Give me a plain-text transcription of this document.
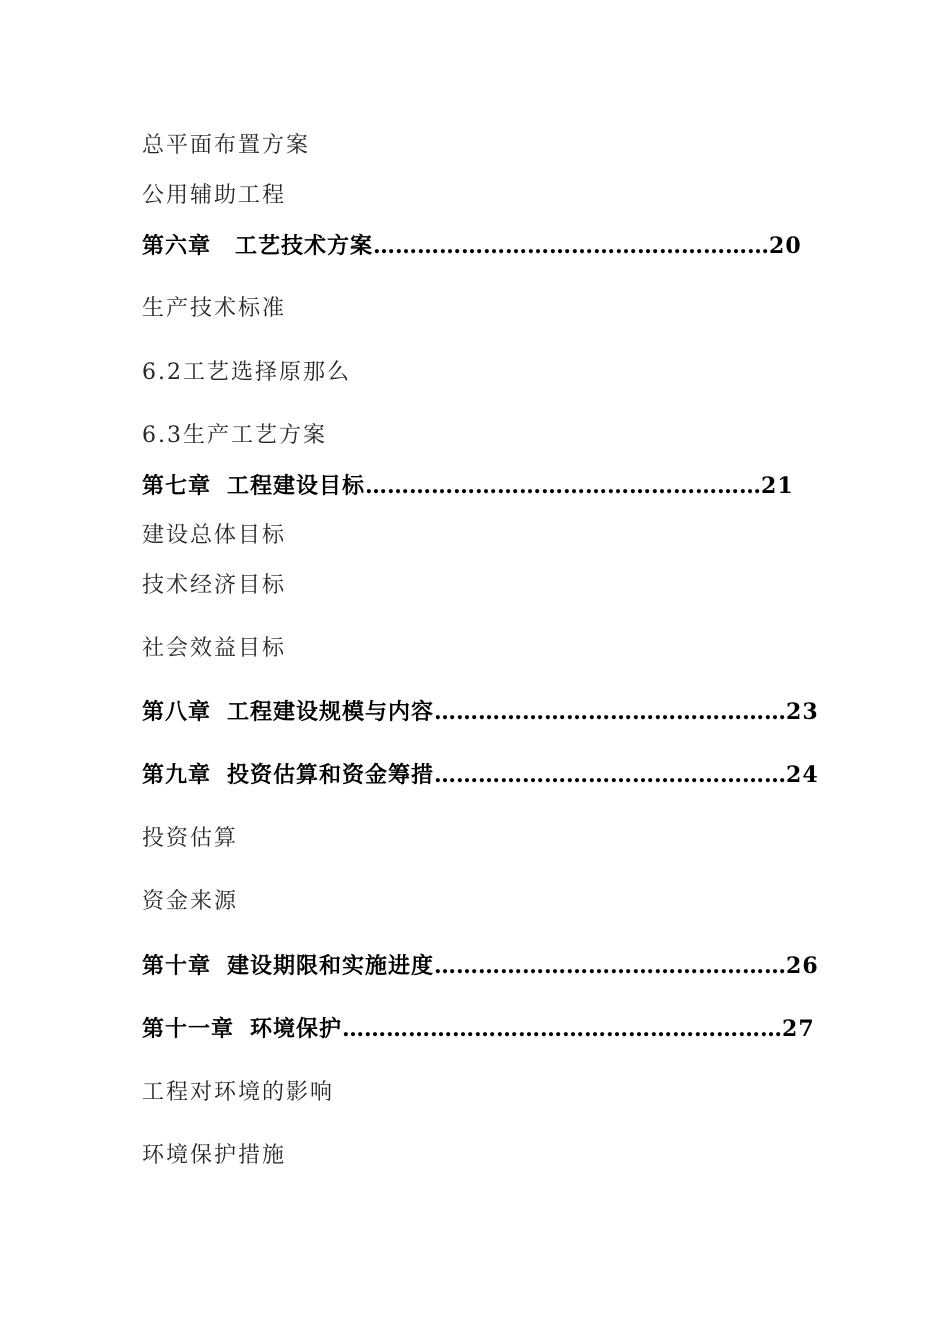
总平面布置方案
公用辅助工程
第六章 工艺技术方案………………………………………………20
生产技术标准
6.2工艺选择原那么
6.3生产工艺方案
第七章 工程建设目标………………………………………………21
建设总体目标
技术经济目标
社会效益目标
第八章 工程建设规模与内容…………………………………………23
第九章 投资估算和资金筹措…………………………………………24
投资估算
资金来源
第十章 建设期限和实施进度…………………………………………26
第十一章 环境保护……………………………………………………27
工程对环境的影响
环境保护措施
